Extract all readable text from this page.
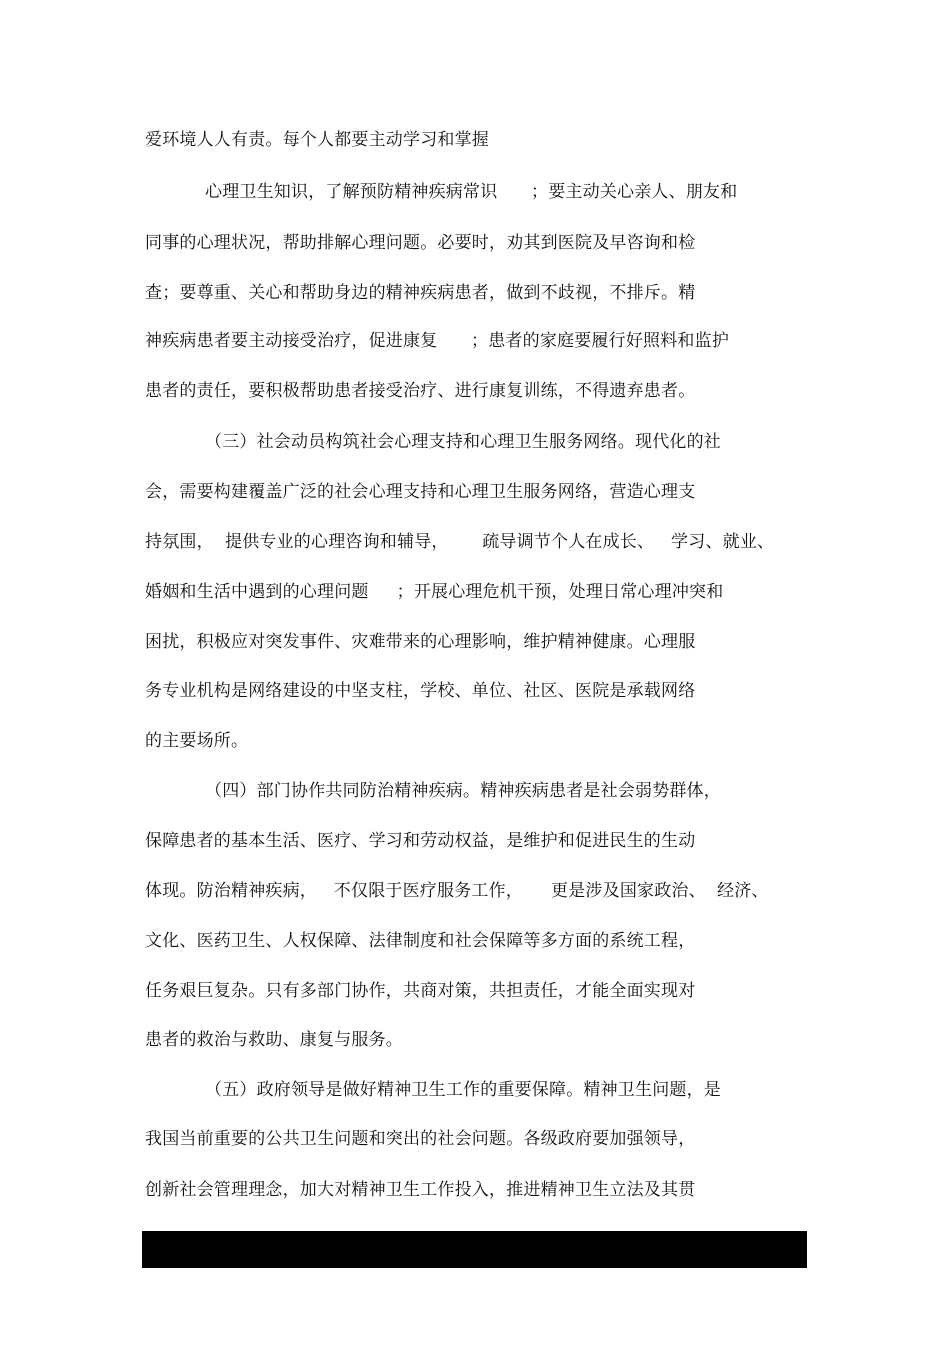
爱环境人人有责。每个人都要主动学习和掌握
心理卫生知识，了解预防精神疾病常识      ；要主动关心亲人、朋友和
同事的心理状况，帮助排解心理问题。必要时，劝其到医院及早咨询和检
查；要尊重、关心和帮助身边的精神疾病患者，做到不歧视，不排斥。精
神疾病患者要主动接受治疗，促进康复      ；患者的家庭要履行好照料和监护
患者的责任，要积极帮助患者接受治疗、进行康复训练，不得遗弃患者。
（三）社会动员构筑社会心理支持和心理卫生服务网络。现代化的社
会，需要构建覆盖广泛的社会心理支持和心理卫生服务网络，营造心理支
持氛围，  提供专业的心理咨询和辅导，      疏导调节个人在成长、   学习、就业、
婚姻和生活中遇到的心理问题     ；开展心理危机干预，处理日常心理冲突和
困扰，积极应对突发事件、灾难带来的心理影响，维护精神健康。心理服
务专业机构是网络建设的中坚支柱，学校、单位、社区、医院是承载网络
的主要场所。
（四）部门协作共同防治精神疾病。精神疾病患者是社会弱势群体，
保障患者的基本生活、医疗、学习和劳动权益，是维护和促进民生的生动
体现。防治精神疾病，   不仅限于医疗服务工作，     更是涉及国家政治、  经济、
文化、医药卫生、人权保障、法律制度和社会保障等多方面的系统工程，
任务艰巨复杂。只有多部门协作，共商对策，共担责任，才能全面实现对
患者的救治与救助、康复与服务。
（五）政府领导是做好精神卫生工作的重要保障。精神卫生问题，是
我国当前重要的公共卫生问题和突出的社会问题。各级政府要加强领导，
创新社会管理理念，加大对精神卫生工作投入，推进精神卫生立法及其贯
